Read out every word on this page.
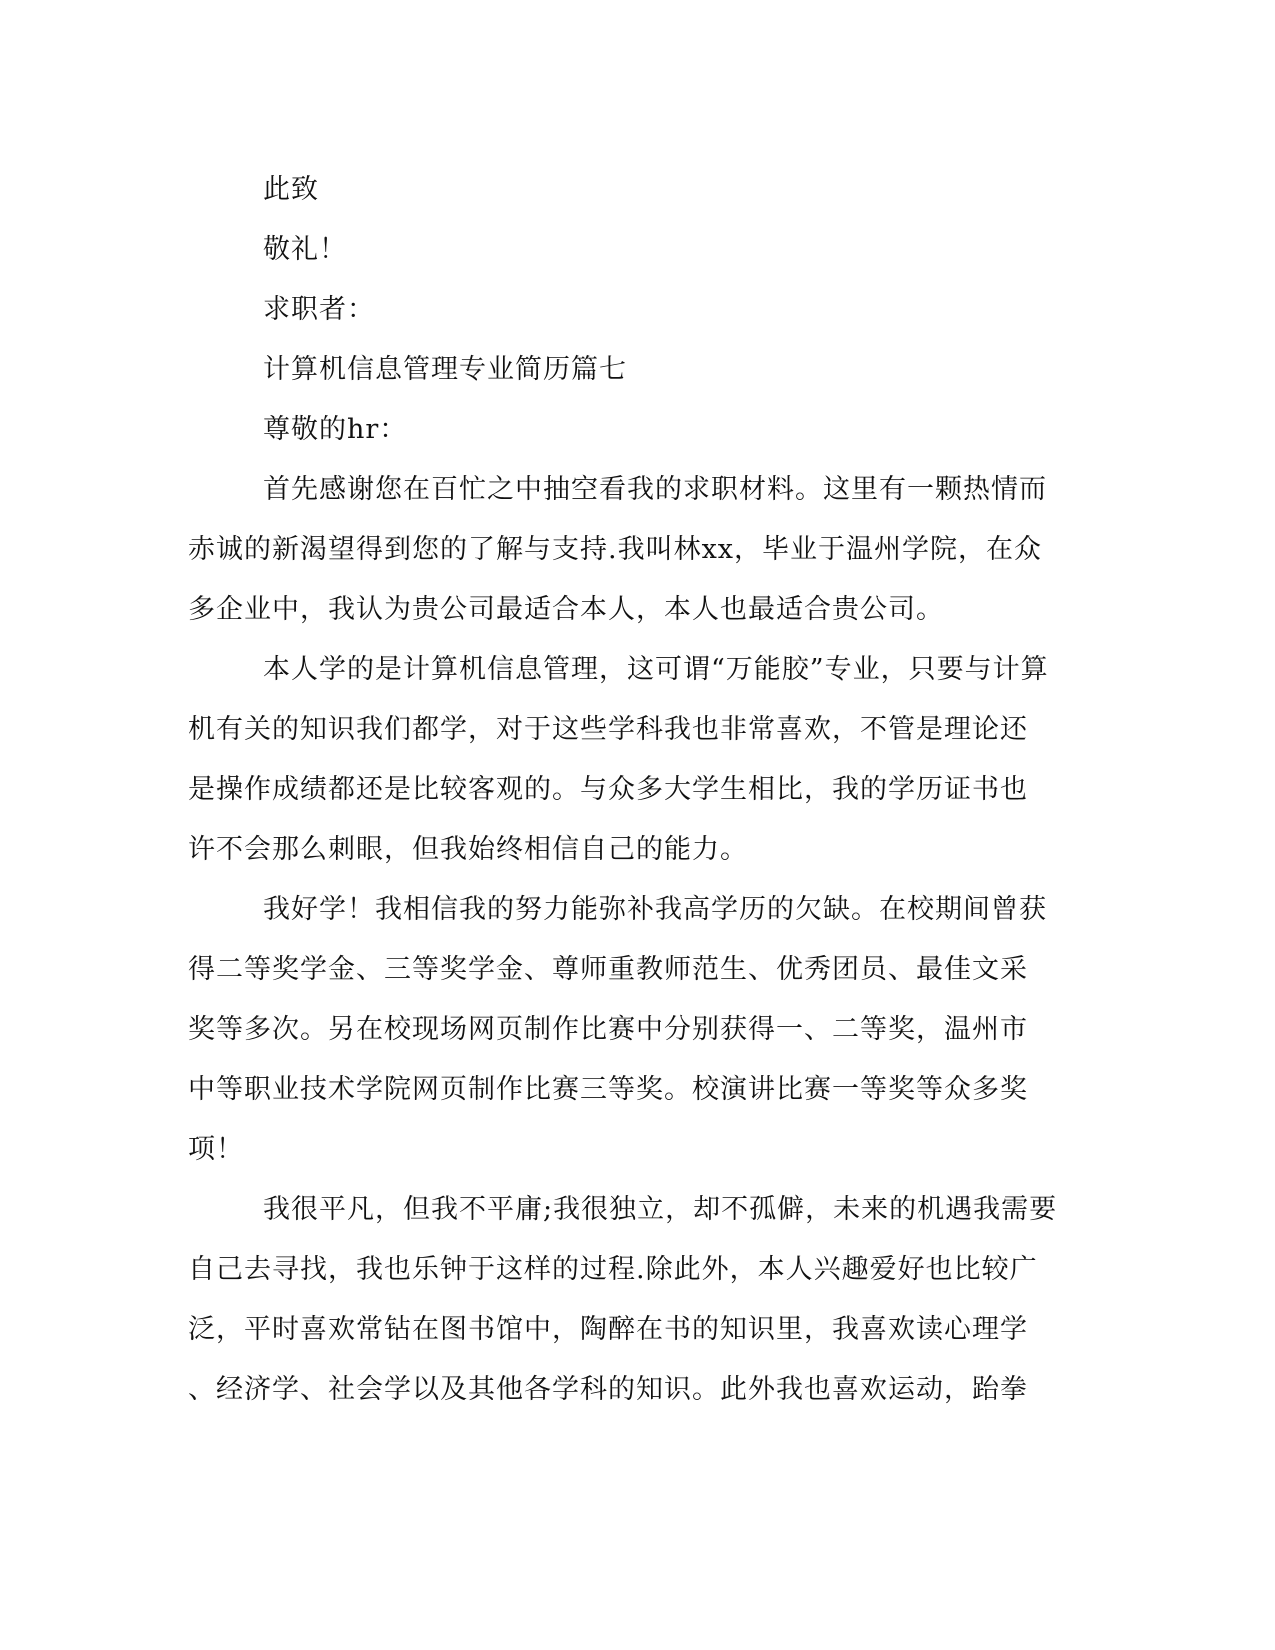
此致
敬礼！
求职者：
计算机信息管理专业简历篇七
尊敬的hr：
首先感谢您在百忙之中抽空看我的求职材料。这里有一颗热情而
赤诚的新渴望得到您的了解与支持.我叫林xx，毕业于温州学院，在众
多企业中，我认为贵公司最适合本人，本人也最适合贵公司。
本人学的是计算机信息管理，这可谓“万能胶”专业，只要与计算
机有关的知识我们都学，对于这些学科我也非常喜欢，不管是理论还
是操作成绩都还是比较客观的。与众多大学生相比，我的学历证书也
许不会那么刺眼，但我始终相信自己的能力。
我好学！我相信我的努力能弥补我高学历的欠缺。在校期间曾获
得二等奖学金、三等奖学金、尊师重教师范生、优秀团员、最佳文采
奖等多次。另在校现场网页制作比赛中分别获得一、二等奖，温州市
中等职业技术学院网页制作比赛三等奖。校演讲比赛一等奖等众多奖
项！
我很平凡，但我不平庸;我很独立，却不孤僻，未来的机遇我需要
自己去寻找，我也乐钟于这样的过程.除此外，本人兴趣爱好也比较广
泛，平时喜欢常钻在图书馆中，陶醉在书的知识里，我喜欢读心理学
、经济学、社会学以及其他各学科的知识。此外我也喜欢运动，跆拳
